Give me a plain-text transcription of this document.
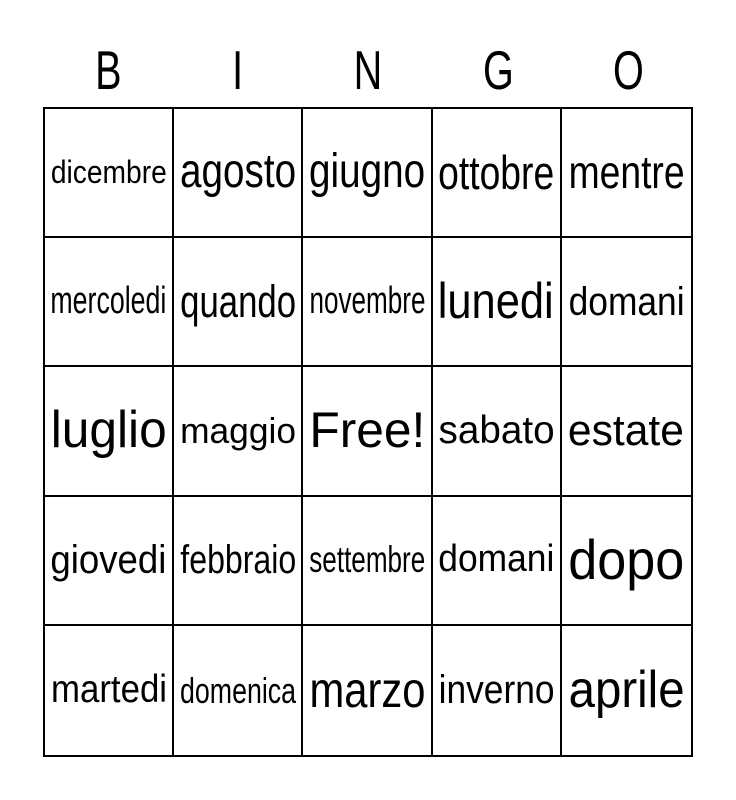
B I N G O
dicembre agosto giugno ottobre mentre
mercoledi quando novembre lunedi domani
luglio maggio Free! sabato estate
giovedi febbraio settembre domani dopo
martedi domenica marzo inverno aprile
